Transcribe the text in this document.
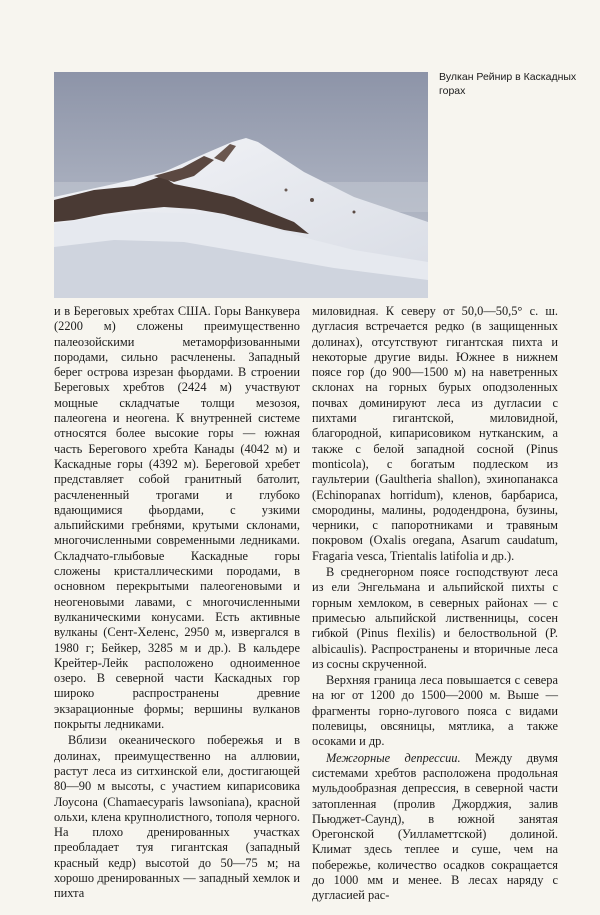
Вулкан Рейнир в Каскадных горах

и в Береговых хребтах США. Горы Ванкувера (2200 м) сложены преимущественно палеозойскими метаморфизованными породами, сильно расчленены. Западный берег острова изрезан фьордами. В строении Береговых хребтов (2424 м) участвуют мощные складчатые толщи мезозоя, палеогена и неогена. К внутренней системе относятся более высокие горы — южная часть Берегового хребта Канады (4042 м) и Каскадные горы (4392 м). Береговой хребет представляет собой гранитный батолит, расчлененный трогами и глубоко вдающимися фьордами, с узкими альпийскими гребнями, крутыми склонами, многочисленными современными ледниками. Складчато-глыбовые Каскадные горы сложены кристаллическими породами, в основном перекрытыми палеогеновыми и неогеновыми лавами, с многочисленными вулканическими конусами. Есть активные вулканы (Сент-Хеленс, 2950 м, извергался в 1980 г; Бейкер, 3285 м и др.). В кальдере Крейтер-Лейк расположено одноименное озеро. В северной части Каскадных гор широко распространены древние экзарационные формы; вершины вулканов покрыты ледниками.

Вблизи океанического побережья и в долинах, преимущественно на аллювии, растут леса из ситхинской ели, достигающей 80—90 м высоты, с участием кипарисовика Лоусона (Chamaecyparis lawsoniana), красной ольхи, клена крупнолистного, тополя черного. На плохо дренированных участках преобладает туя гигантская (западный красный кедр) высотой до 50—75 м; на хорошо дренированных — западный хемлок и пихта

миловидная. К северу от 50,0—50,5° с. ш. дугласия встречается редко (в защищенных долинах), отсутствуют гигантская пихта и некоторые другие виды. Южнее в нижнем поясе гор (до 900—1500 м) на наветренных склонах на горных бурых оподзоленных почвах доминируют леса из дугласии с пихтами гигантской, миловидной, благородной, кипарисовиком нутканским, а также с белой западной сосной (Pinus monticola), с богатым подлеском из гаультерии (Gaultheria shallon), эхинопанакса (Echinopanax horridum), кленов, барбариса, смородины, малины, рододендрона, бузины, черники, с папоротниками и травяным покровом (Oxalis oregana, Asarum caudatum, Fragaria vesca, Trientalis latifolia и др.).

В среднегорном поясе господствуют леса из ели Энгельмана и альпийской пихты с горным хемлоком, в северных районах — с примесью альпийской лиственницы, сосен гибкой (Pinus flexilis) и белоствольной (P. albicaulis). Распространены и вторичные леса из сосны скрученной.

Верхняя граница леса повышается с севера на юг от 1200 до 1500—2000 м. Выше — фрагменты горно-лугового пояса с видами полевицы, овсяницы, мятлика, а также осоками и др.

Межгорные депрессии. Между двумя системами хребтов расположена продольная мульдообразная депрессия, в северной части затопленная (пролив Джорджия, залив Пьюджет-Саунд), в южной занятая Орегонской (Уилламеттской) долиной. Климат здесь теплее и суше, чем на побережье, количество осадков сокращается до 1000 мм и менее. В лесах наряду с дугласией рас-
